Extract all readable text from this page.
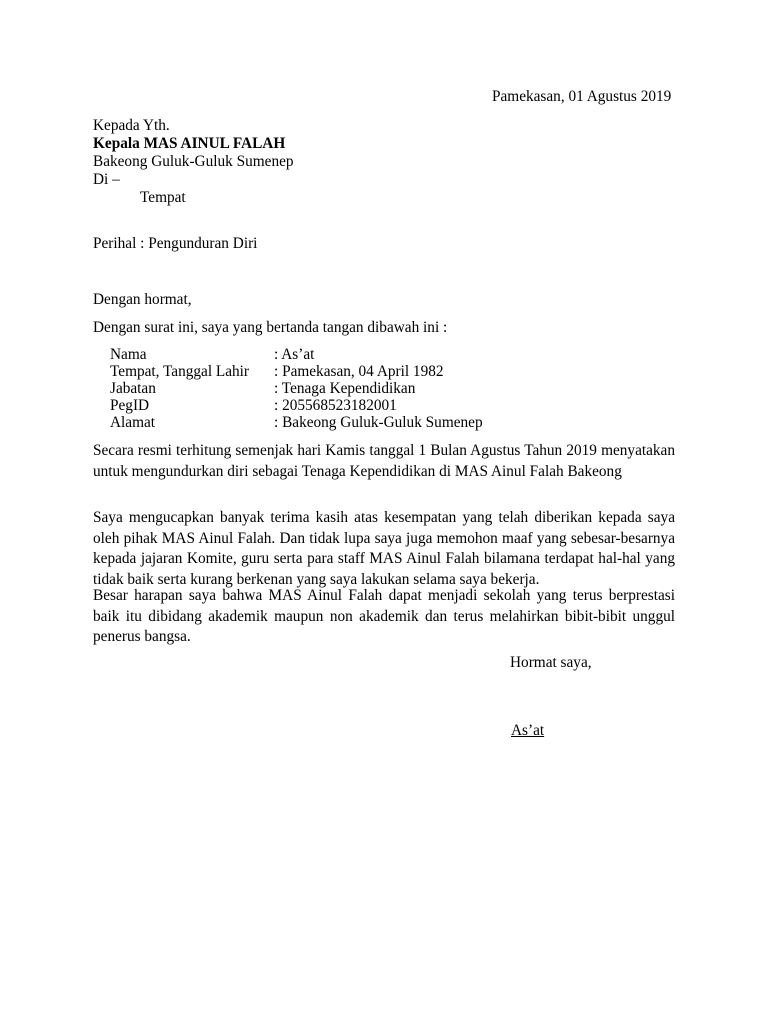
Pamekasan, 01 Agustus 2019
Kepada Yth.
Kepala MAS AINUL FALAH
Bakeong Guluk-Guluk Sumenep
Di –
Tempat
Perihal : Pengunduran Diri
Dengan hormat,
Dengan surat ini, saya yang bertanda tangan dibawah ini :
Nama	: As’at
Tempat, Tanggal Lahir : Pamekasan, 04 April 1982
Jabatan	: Tenaga Kependidikan
PegID	: 205568523182001
Alamat	: Bakeong Guluk-Guluk Sumenep
Secara resmi terhitung semenjak hari Kamis tanggal 1 Bulan Agustus Tahun 2019 menyatakan untuk mengundurkan diri sebagai Tenaga Kependidikan di MAS Ainul Falah Bakeong
Saya mengucapkan banyak terima kasih atas kesempatan yang telah diberikan kepada saya oleh pihak MAS Ainul Falah. Dan tidak lupa saya juga memohon maaf yang sebesar-besarnya kepada jajaran Komite, guru serta para staff MAS Ainul Falah bilamana terdapat hal-hal yang tidak baik serta kurang berkenan yang saya lakukan selama saya bekerja.
Besar harapan saya bahwa MAS Ainul Falah dapat menjadi sekolah yang terus berprestasi baik itu dibidang akademik maupun non akademik dan terus melahirkan bibit-bibit unggul penerus bangsa.
Hormat saya,
As’at
